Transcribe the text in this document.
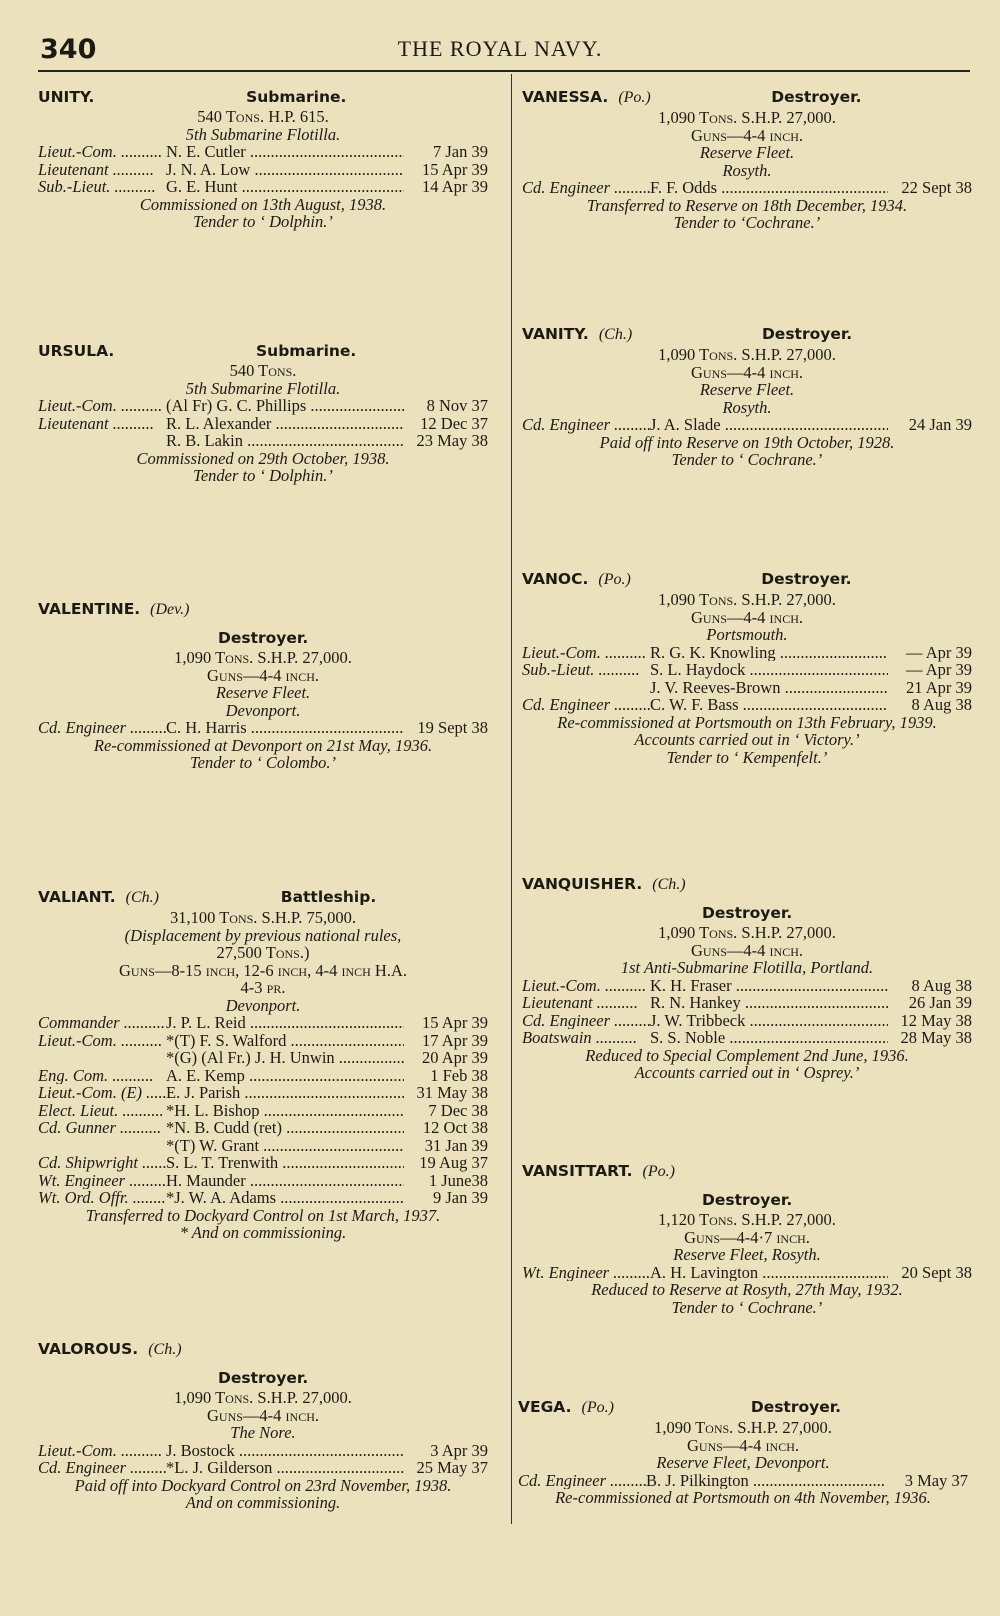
340	THE ROYAL NAVY.
UNITY.	Submarine.
540 Tons. H.P. 615.
5th Submarine Flotilla.
Lieut.-Com. .....	N. E. Cutler .....	7 Jan 39
Lieutenant .....	J. N. A. Low .....	15 Apr 39
Sub.-Lieut. .....	G. E. Hunt .....	14 Apr 39
Commissioned on 13th August, 1938.
Tender to ‘ Dolphin.’
URSULA.	Submarine.
540 Tons.
5th Submarine Flotilla.
Lieut.-Com. .....	(Al Fr) G. C. Phillips .....	8 Nov 37
Lieutenant .....	R. L. Alexander .....	12 Dec 37
R. B. Lakin .....	23 May 38
Commissioned on 29th October, 1938.
Tender to ‘ Dolphin.’
VALENTINE. (Dev.)
Destroyer.
1,090 Tons. S.H.P. 27,000.
Guns—4-4 inch.
Reserve Fleet.
Devonport.
Cd. Engineer .....	C. H. Harris .....	19 Sept 38
Re-commissioned at Devonport on 21st May, 1936.
Tender to ‘ Colombo.’
VALIANT. (Ch.)	Battleship.
31,100 Tons. S.H.P. 75,000.
(Displacement by previous national rules,
27,500 Tons.)
Guns—8-15 inch, 12-6 inch, 4-4 inch H.A.
4-3 pr.
Devonport.
Commander .....	J. P. L. Reid .....	15 Apr 39
Lieut.-Com. .....	*(T) F. S. Walford .....	17 Apr 39
*(G) (Al Fr.) J. H. Unwin .....	20 Apr 39
Eng. Com. .....	A. E. Kemp .....	1 Feb 38
Lieut.-Com. (E) .....	E. J. Parish .....	31 May 38
Elect. Lieut. .....	*H. L. Bishop .....	7 Dec 38
Cd. Gunner .....	*N. B. Cudd (ret) .....	12 Oct 38
*(T) W. Grant .....	31 Jan 39
Cd. Shipwright .....	S. L. T. Trenwith .....	19 Aug 37
Wt. Engineer .....	H. Maunder .....	1 June38
Wt. Ord. Offr. .....	*J. W. A. Adams .....	9 Jan 39
Transferred to Dockyard Control on 1st March, 1937.
* And on commissioning.
VALOROUS. (Ch.)
Destroyer.
1,090 Tons. S.H.P. 27,000.
Guns—4-4 inch.
The Nore.
Lieut.-Com. .....	J. Bostock .....	3 Apr 39
Cd. Engineer .....	*L. J. Gilderson .....	25 May 37
Paid off into Dockyard Control on 23rd November, 1938.
And on commissioning.
VANESSA. (Po.)	Destroyer.
1,090 Tons. S.H.P. 27,000.
Guns—4-4 inch.
Reserve Fleet.
Rosyth.
Cd. Engineer .....	F. F. Odds .....	22 Sept 38
Transferred to Reserve on 18th December, 1934.
Tender to ‘Cochrane.’
VANITY. (Ch.)	Destroyer.
1,090 Tons. S.H.P. 27,000.
Guns—4-4 inch.
Reserve Fleet.
Rosyth.
Cd. Engineer .....	J. A. Slade .....	24 Jan 39
Paid off into Reserve on 19th October, 1928.
Tender to ‘ Cochrane.’
VANOC. (Po.)	Destroyer.
1,090 Tons. S.H.P. 27,000.
Guns—4-4 inch.
Portsmouth.
Lieut.-Com. .....	R. G. K. Knowling .....	— Apr 39
Sub.-Lieut. .....	S. L. Haydock .....	— Apr 39
J. V. Reeves-Brown .....	21 Apr 39
Cd. Engineer .....	C. W. F. Bass .....	8 Aug 38
Re-commissioned at Portsmouth on 13th February, 1939.
Accounts carried out in ‘ Victory.’
Tender to ‘ Kempenfelt.’
VANQUISHER. (Ch.)
Destroyer.
1,090 Tons. S.H.P. 27,000.
Guns—4-4 inch.
1st Anti-Submarine Flotilla, Portland.
Lieut.-Com. .....	K. H. Fraser .....	8 Aug 38
Lieutenant .....	R. N. Hankey .....	26 Jan 39
Cd. Engineer .....	J. W. Tribbeck .....	12 May 38
Boatswain .....	S. S. Noble .....	28 May 38
Reduced to Special Complement 2nd June, 1936.
Accounts carried out in ‘ Osprey.’
VANSITTART. (Po.)
Destroyer.
1,120 Tons. S.H.P. 27,000.
Guns—4-4·7 inch.
Reserve Fleet, Rosyth.
Wt. Engineer .....	A. H. Lavington .....	20 Sept 38
Reduced to Reserve at Rosyth, 27th May, 1932.
Tender to ‘ Cochrane.’
VEGA. (Po.)	Destroyer.
1,090 Tons. S.H.P. 27,000.
Guns—4-4 inch.
Reserve Fleet, Devonport.
Cd. Engineer .....	B. J. Pilkington .....	3 May 37
Re-commissioned at Portsmouth on 4th November, 1936.
